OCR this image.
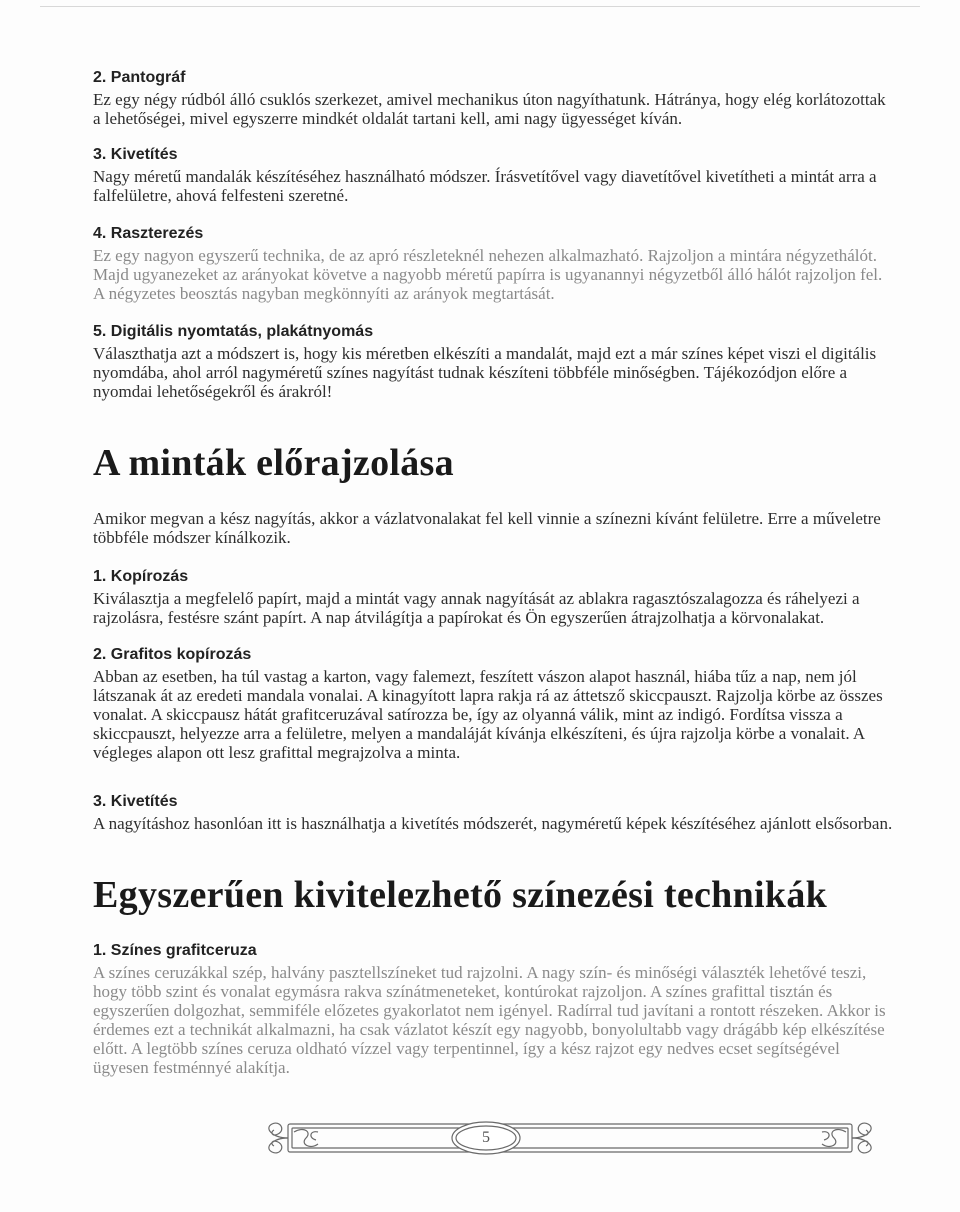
2. Pantográf

Ez egy négy rúdból álló csuklós szerkezet, amivel mechanikus úton nagyíthatunk. Hátránya, hogy elég korlátozottak a lehetőségei, mivel egyszerre mindkét oldalát tartani kell, ami nagy ügyességet kíván.

3. Kivetítés

Nagy méretű mandalák készítéséhez használható módszer. Írásvetítővel vagy diavetítővel kivetítheti a mintát arra a falfelületre, ahová felfesteni szeretné.

4. Raszterezés

Ez egy nagyon egyszerű technika, de az apró részleteknél nehezen alkalmazható. Rajzoljon a mintára négyzethálót. Majd ugyanezeket az arányokat követve a nagyobb méretű papírra is ugyanannyi négyzetből álló hálót rajzoljon fel. A négyzetes beosztás nagyban megkönnyíti az arányok megtartását.

5. Digitális nyomtatás, plakátnyomás

Választhatja azt a módszert is, hogy kis méretben elkészíti a mandalát, majd ezt a már színes képet viszi el digitális nyomdába, ahol arról nagyméretű színes nagyítást tudnak készíteni többféle minőségben. Tájékozódjon előre a nyomdai lehetőségekről és árakról!

A minták előrajzolása

Amikor megvan a kész nagyítás, akkor a vázlatvonalakat fel kell vinnie a színezni kívánt felületre. Erre a műveletre többféle módszer kínálkozik.

1. Kopírozás

Kiválasztja a megfelelő papírt, majd a mintát vagy annak nagyítását az ablakra ragasztószalagozza és ráhelyezi a rajzolásra, festésre szánt papírt. A nap átvilágítja a papírokat és Ön egyszerűen átrajzolhatja a körvonalakat.

2. Grafitos kopírozás

Abban az esetben, ha túl vastag a karton, vagy falemezt, feszített vászon alapot használ, hiába tűz a nap, nem jól látszanak át az eredeti mandala vonalai. A kinagyított lapra rakja rá az áttetsző skiccpauszt. Rajzolja körbe az összes vonalat. A skiccpausz hátát grafitceruzával satírozza be, így az olyanná válik, mint az indigó. Fordítsa vissza a skiccpauszt, helyezze arra a felületre, melyen a mandaláját kívánja elkészíteni, és újra rajzolja körbe a vonalait. A végleges alapon ott lesz grafittal megrajzolva a minta.

3. Kivetítés

A nagyításhoz hasonlóan itt is használhatja a kivetítés módszerét, nagyméretű képek készítéséhez ajánlott elsősorban.

Egyszerűen kivitelezhető színezési technikák

1. Színes grafitceruza

A színes ceruzákkal szép, halvány pasztellszíneket tud rajzolni. A nagy szín- és minőségi választék lehetővé teszi, hogy több szint és vonalat egymásra rakva színátmeneteket, kontúrokat rajzoljon. A színes grafittal tisztán és egyszerűen dolgozhat, semmiféle előzetes gyakorlatot nem igényel. Radírral tud javítani a rontott részeken. Akkor is érdemes ezt a technikát alkalmazni, ha csak vázlatot készít egy nagyobb, bonyolultabb vagy drágább kép elkészítése előtt. A legtöbb színes ceruza oldható vízzel vagy terpentinnel, így a kész rajzot egy nedves ecset segítségével ügyesen festménnyé alakítja.

5
